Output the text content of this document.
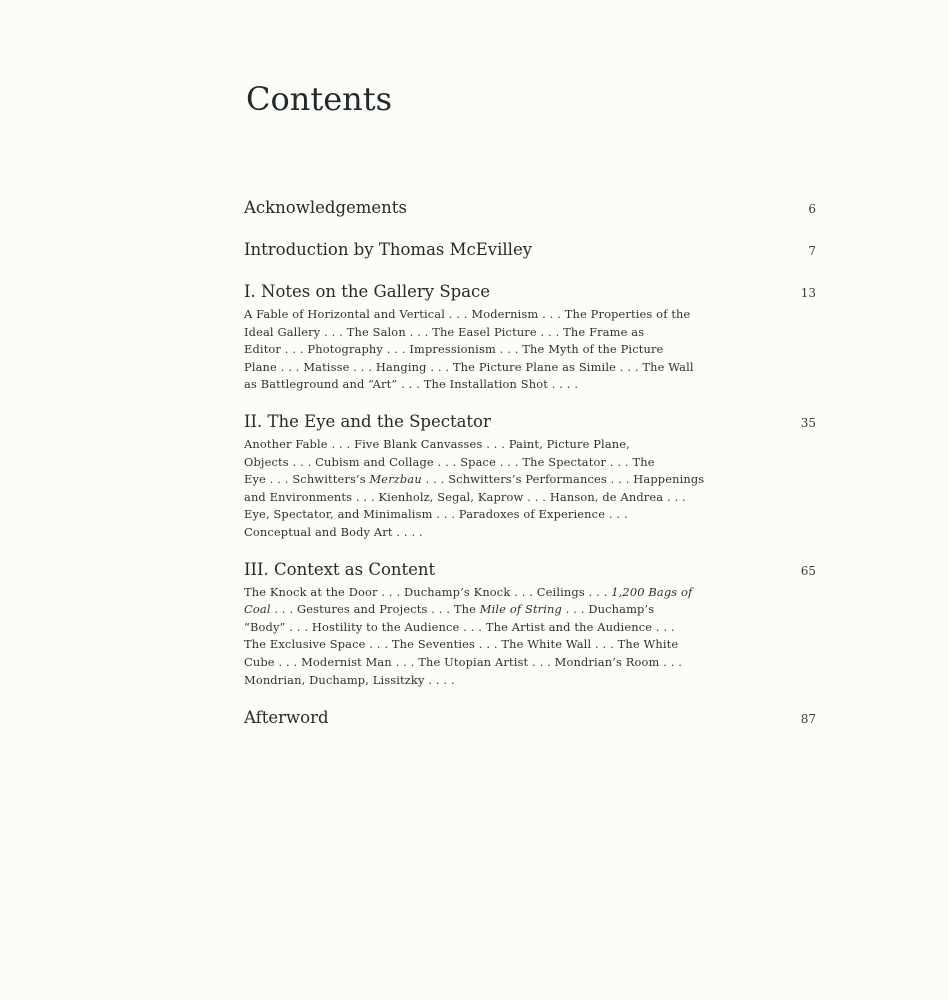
Contents
Acknowledgements	6
Introduction by Thomas McEvilley	7
I. Notes on the Gallery Space	13
A Fable of Horizontal and Vertical . . . Modernism . . . The Properties of the
Ideal Gallery . . . The Salon . . . The Easel Picture . . . The Frame as
Editor . . . Photography . . . Impressionism . . . The Myth of the Picture
Plane . . . Matisse . . . Hanging . . . The Picture Plane as Simile . . . The Wall
as Battleground and “Art” . . . The Installation Shot . . . .
II. The Eye and the Spectator	35
Another Fable . . . Five Blank Canvasses . . . Paint, Picture Plane,
Objects . . . Cubism and Collage . . . Space . . . The Spectator . . . The
Eye . . . Schwitters’s Merzbau . . . Schwitters’s Performances . . . Happenings
and Environments . . . Kienholz, Segal, Kaprow . . . Hanson, de Andrea . . .
Eye, Spectator, and Minimalism . . . Paradoxes of Experience . . .
Conceptual and Body Art . . . .
III. Context as Content	65
The Knock at the Door . . . Duchamp’s Knock . . . Ceilings . . . 1,200 Bags of
Coal . . . Gestures and Projects . . . The Mile of String . . . Duchamp’s
“Body” . . . Hostility to the Audience . . . The Artist and the Audience . . .
The Exclusive Space . . . The Seventies . . . The White Wall . . . The White
Cube . . . Modernist Man . . . The Utopian Artist . . . Mondrian’s Room . . .
Mondrian, Duchamp, Lissitzky . . . .
Afterword	87
